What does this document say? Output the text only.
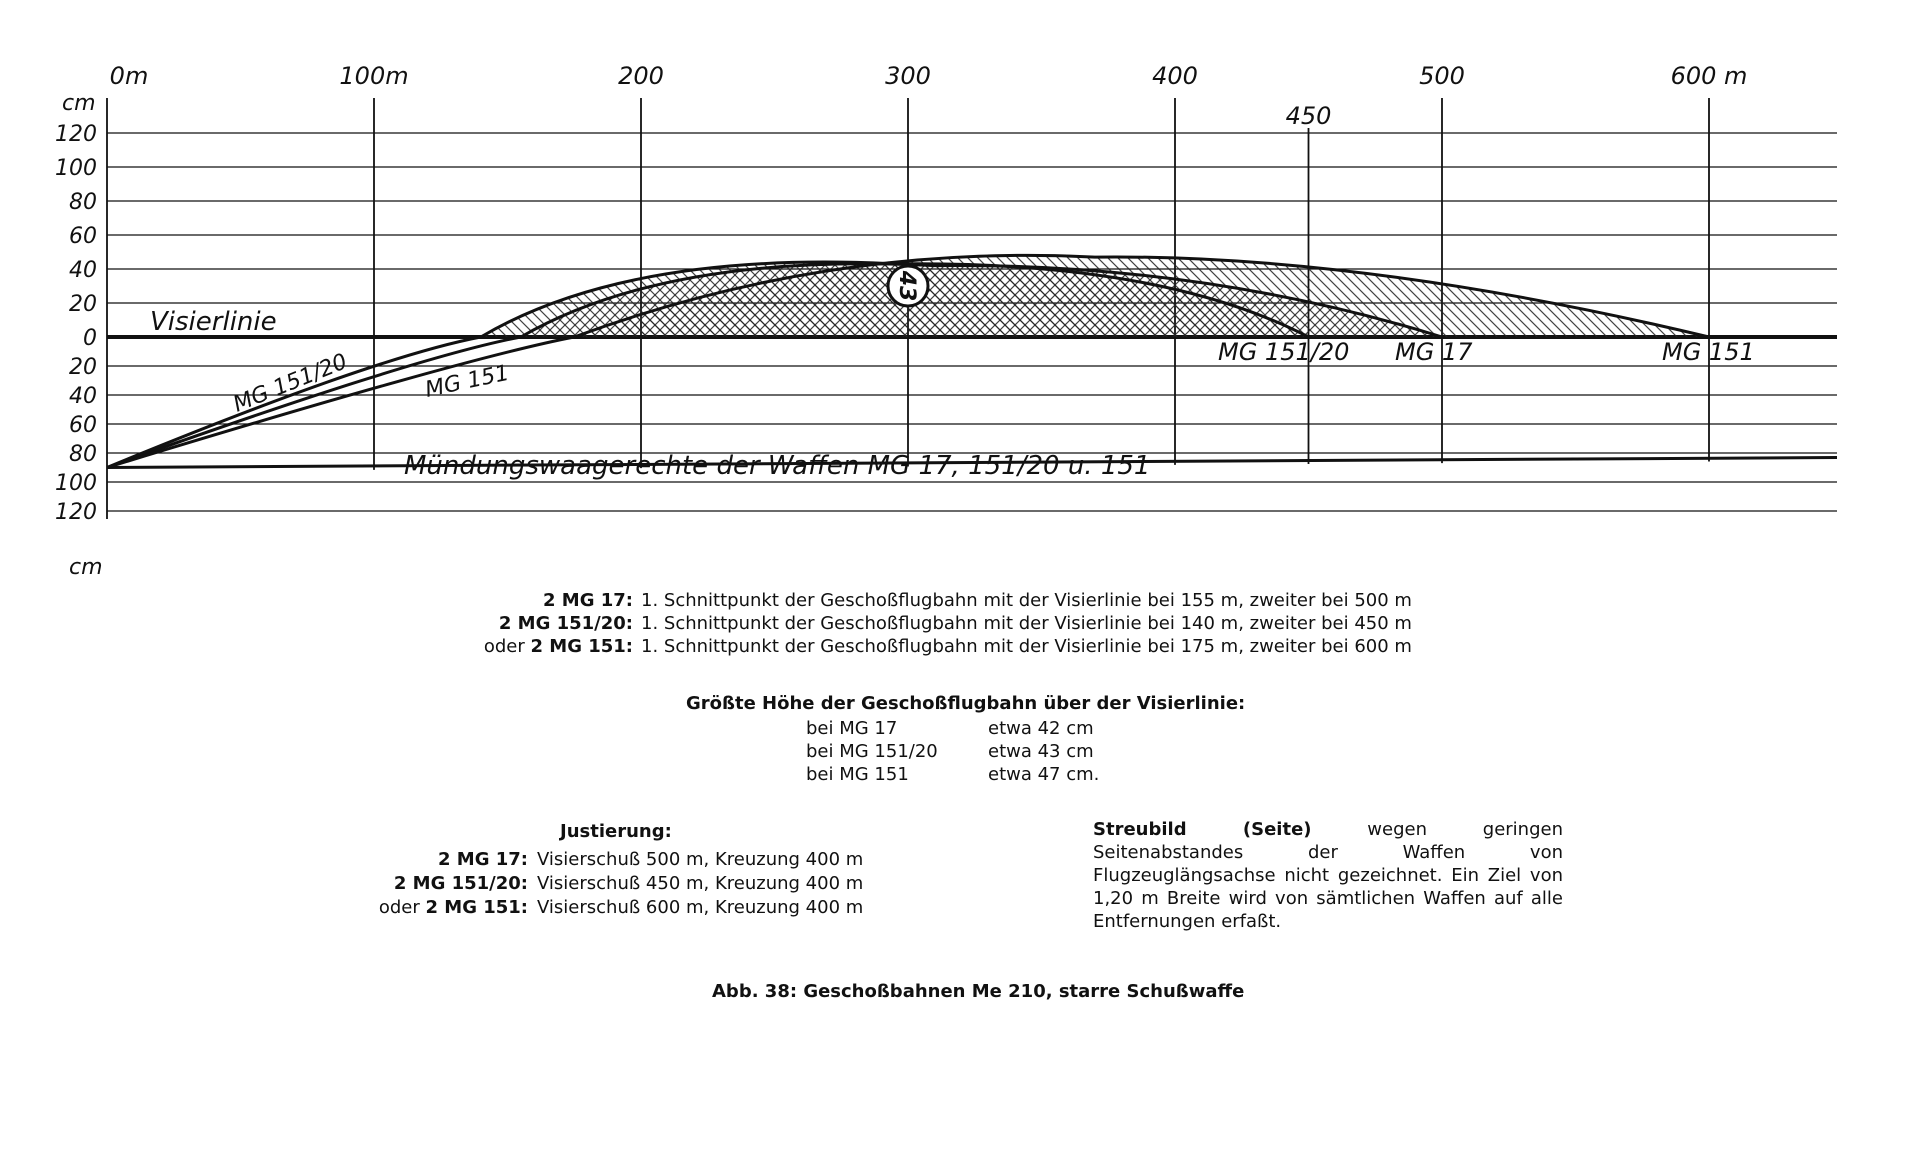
43
120
100
80
60
40
20
0
20
40
60
80
100
120
0m	100m	200	300	400
450
500	600 m
cm
cm
Visierlinie
Mündungswaagerechte der Waffen MG 17, 151/20 u. 151
MG 151/20	MG 151
MG 151/20 MG 17	MG 151
2 MG 17: 1. Schnittpunkt der Geschoßflugbahn mit der Visierlinie bei 155 m, zweiter bei 500 m
2 MG 151/20: 1. Schnittpunkt der Geschoßflugbahn mit der Visierlinie bei 140 m, zweiter bei 450 m
oder 2 MG 151: 1. Schnittpunkt der Geschoßflugbahn mit der Visierlinie bei 175 m, zweiter bei 600 m
Größte Höhe der Geschoßflugbahn über der Visierlinie:
bei MG 17	etwa 42 cm
bei MG 151/20	etwa 43 cm
bei MG 151	etwa 47 cm.
Justierung:
2 MG 17: Visierschuß 500 m, Kreuzung 400 m
2 MG 151/20: Visierschuß 450 m, Kreuzung 400 m
oder 2 MG 151: Visierschuß 600 m, Kreuzung 400 m
Streubild (Seite) wegen geringen Seitenabstandes der Waffen von Flugzeuglängsachse nicht gezeichnet. Ein Ziel von 1,20 m Breite wird von sämtlichen Waffen auf alle Entfernungen erfaßt.
Abb. 38: Geschoßbahnen Me 210, starre Schußwaffe
